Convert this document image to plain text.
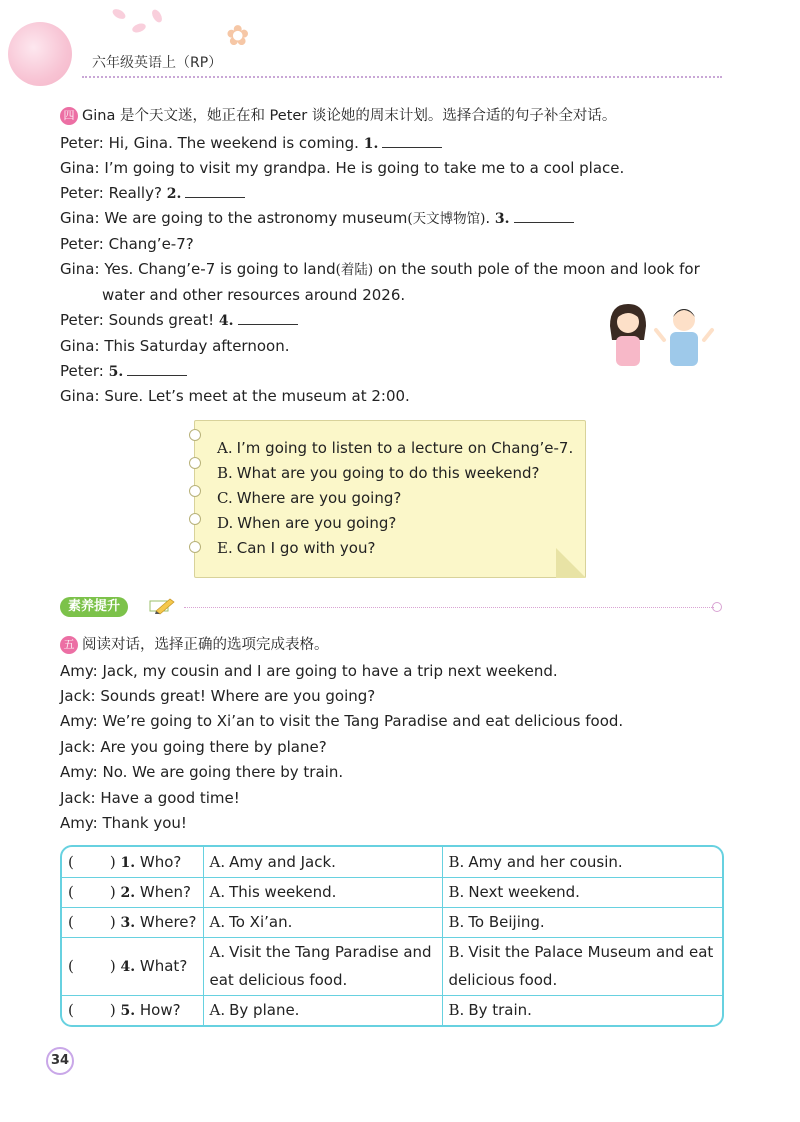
✿
六年级英语上（RP）
四 Gina 是个天文迷，她正在和 Peter 谈论她的周末计划。选择合适的句子补全对话。
Peter: Hi, Gina. The weekend is coming. 1.
Gina: I’m going to visit my grandpa. He is going to take me to a cool place.
Peter: Really? 2.
Gina: We are going to the astronomy museum(天文博物馆). 3.
Peter: Chang’e-7?
Gina: Yes. Chang’e-7 is going to land(着陆) on the south pole of the moon and look for
water and other resources around 2026.
Peter: Sounds great! 4.
Gina: This Saturday afternoon.
Peter: 5.
Gina: Sure. Let’s meet at the museum at 2:00.
A. I’m going to listen to a lecture on Chang’e-7.
B. What are you going to do this weekend?
C. Where are you going?
D. When are you going?
E. Can I go with you?
素养提升
五 阅读对话，选择正确的选项完成表格。
Amy: Jack, my cousin and I are going to have a trip next weekend.
Jack: Sounds great! Where are you going?
Amy: We’re going to Xi’an to visit the Tang Paradise and eat delicious food.
Jack: Are you going there by plane?
Amy: No. We are going there by train.
Jack: Have a good time!
Amy: Thank you!
( ) 1. Who?	A. Amy and Jack.	B. Amy and her cousin.
( ) 2. When?	A. This weekend.	B. Next weekend.
( ) 3. Where?	A. To Xi’an.	B. To Beijing.
( ) 4. What?	A. Visit the Tang Paradise and eat delicious food.	B. Visit the Palace Museum and eat delicious food.
( ) 5. How?	A. By plane.	B. By train.
34
